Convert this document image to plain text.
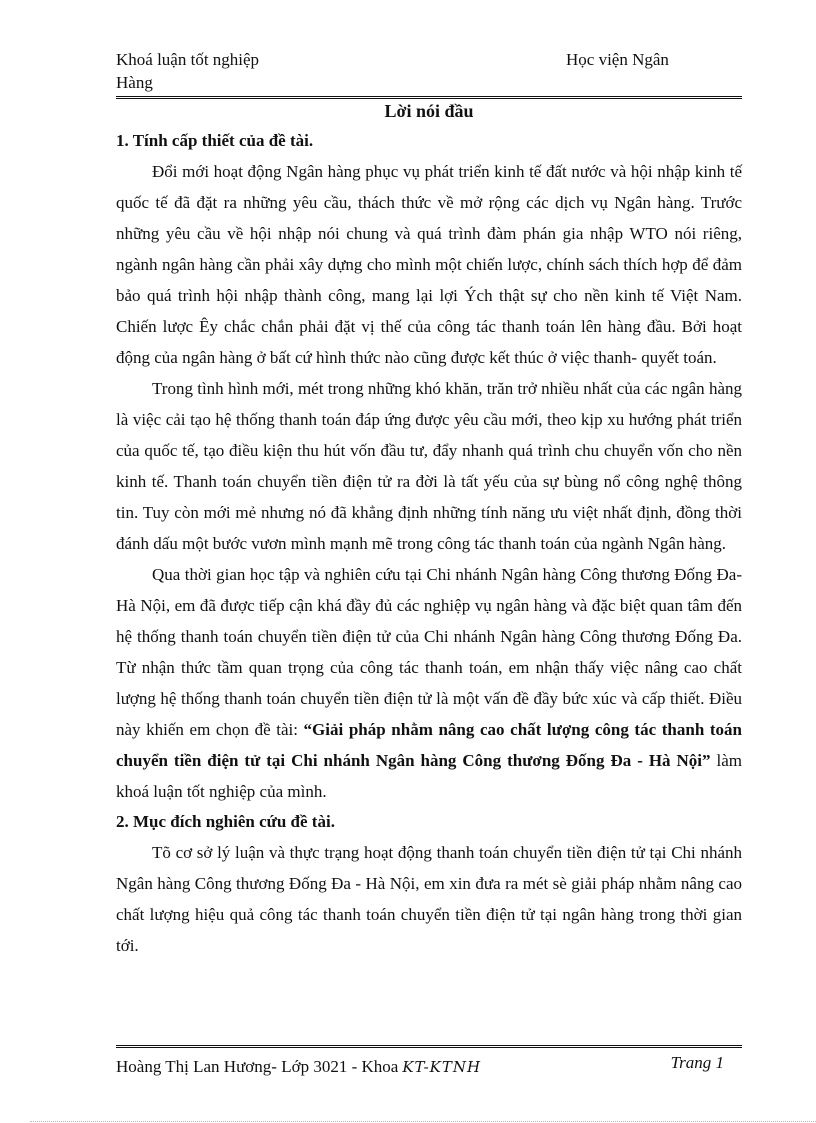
Khoá luận tốt nghiệp	Học viện Ngân
Hàng
Lời nói đầu
1. Tính cấp thiết của đề tài.

Đổi mới hoạt động Ngân hàng phục vụ phát triển kinh tế đất nước và hội nhập kinh tế quốc tế đã đặt ra những yêu cầu, thách thức về mở rộng các dịch vụ Ngân hàng. Trước những yêu cầu về hội nhập nói chung và quá trình đàm phán gia nhập WTO nói riêng, ngành ngân hàng cần phải xây dựng cho mình một chiến lược, chính sách thích hợp để đảm bảo quá trình hội nhập thành công, mang lại lợi Ých thật sự cho nền kinh tế Việt Nam. Chiến lược Êy chắc chắn phải đặt vị thế của công tác thanh toán lên hàng đầu. Bởi hoạt động của ngân hàng ở bất cứ hình thức nào cũng được kết thúc ở việc thanh- quyết toán.

Trong tình hình mới, mét trong những khó khăn, trăn trở nhiều nhất của các ngân hàng là việc cải tạo hệ thống thanh toán đáp ứng được yêu cầu mới, theo kịp xu hướng phát triển của quốc tế, tạo điều kiện thu hút vốn đầu tư, đẩy nhanh quá trình chu chuyển vốn cho nền kinh tế. Thanh toán chuyển tiền điện tử ra đời là tất yếu của sự bùng nổ công nghệ thông tin. Tuy còn mới mẻ nhưng nó đã khẳng định những tính năng ưu việt nhất định, đồng thời đánh dấu một bước vươn mình mạnh mẽ trong công tác thanh toán của ngành Ngân hàng.

Qua thời gian học tập và nghiên cứu tại Chi nhánh Ngân hàng Công thương Đống Đa- Hà Nội, em đã được tiếp cận khá đầy đủ các nghiệp vụ ngân hàng và đặc biệt quan tâm đến hệ thống thanh toán chuyển tiền điện tử của Chi nhánh Ngân hàng Công thương Đống Đa. Từ nhận thức tầm quan trọng của công tác thanh toán, em nhận thấy việc nâng cao chất lượng hệ thống thanh toán chuyển tiền điện tử là một vấn đề đầy bức xúc và cấp thiết. Điều này khiến em chọn đề tài: “Giải pháp nhằm nâng cao chất lượng công tác thanh toán chuyển tiền điện tử tại Chi nhánh Ngân hàng Công thương Đống Đa - Hà Nội” làm khoá luận tốt nghiệp của mình.

2. Mục đích nghiên cứu đề tài.

Tõ cơ sở lý luận và thực trạng hoạt động thanh toán chuyển tiền điện tử tại Chi nhánh Ngân hàng Công thương Đống Đa - Hà Nội, em xin đưa ra mét sè giải pháp nhằm nâng cao chất lượng hiệu quả công tác thanh toán chuyển tiền điện tử tại ngân hàng trong thời gian tới.

Hoàng Thị Lan Hương- Lớp 3021 - Khoa KT-KTNH	Trang 1
